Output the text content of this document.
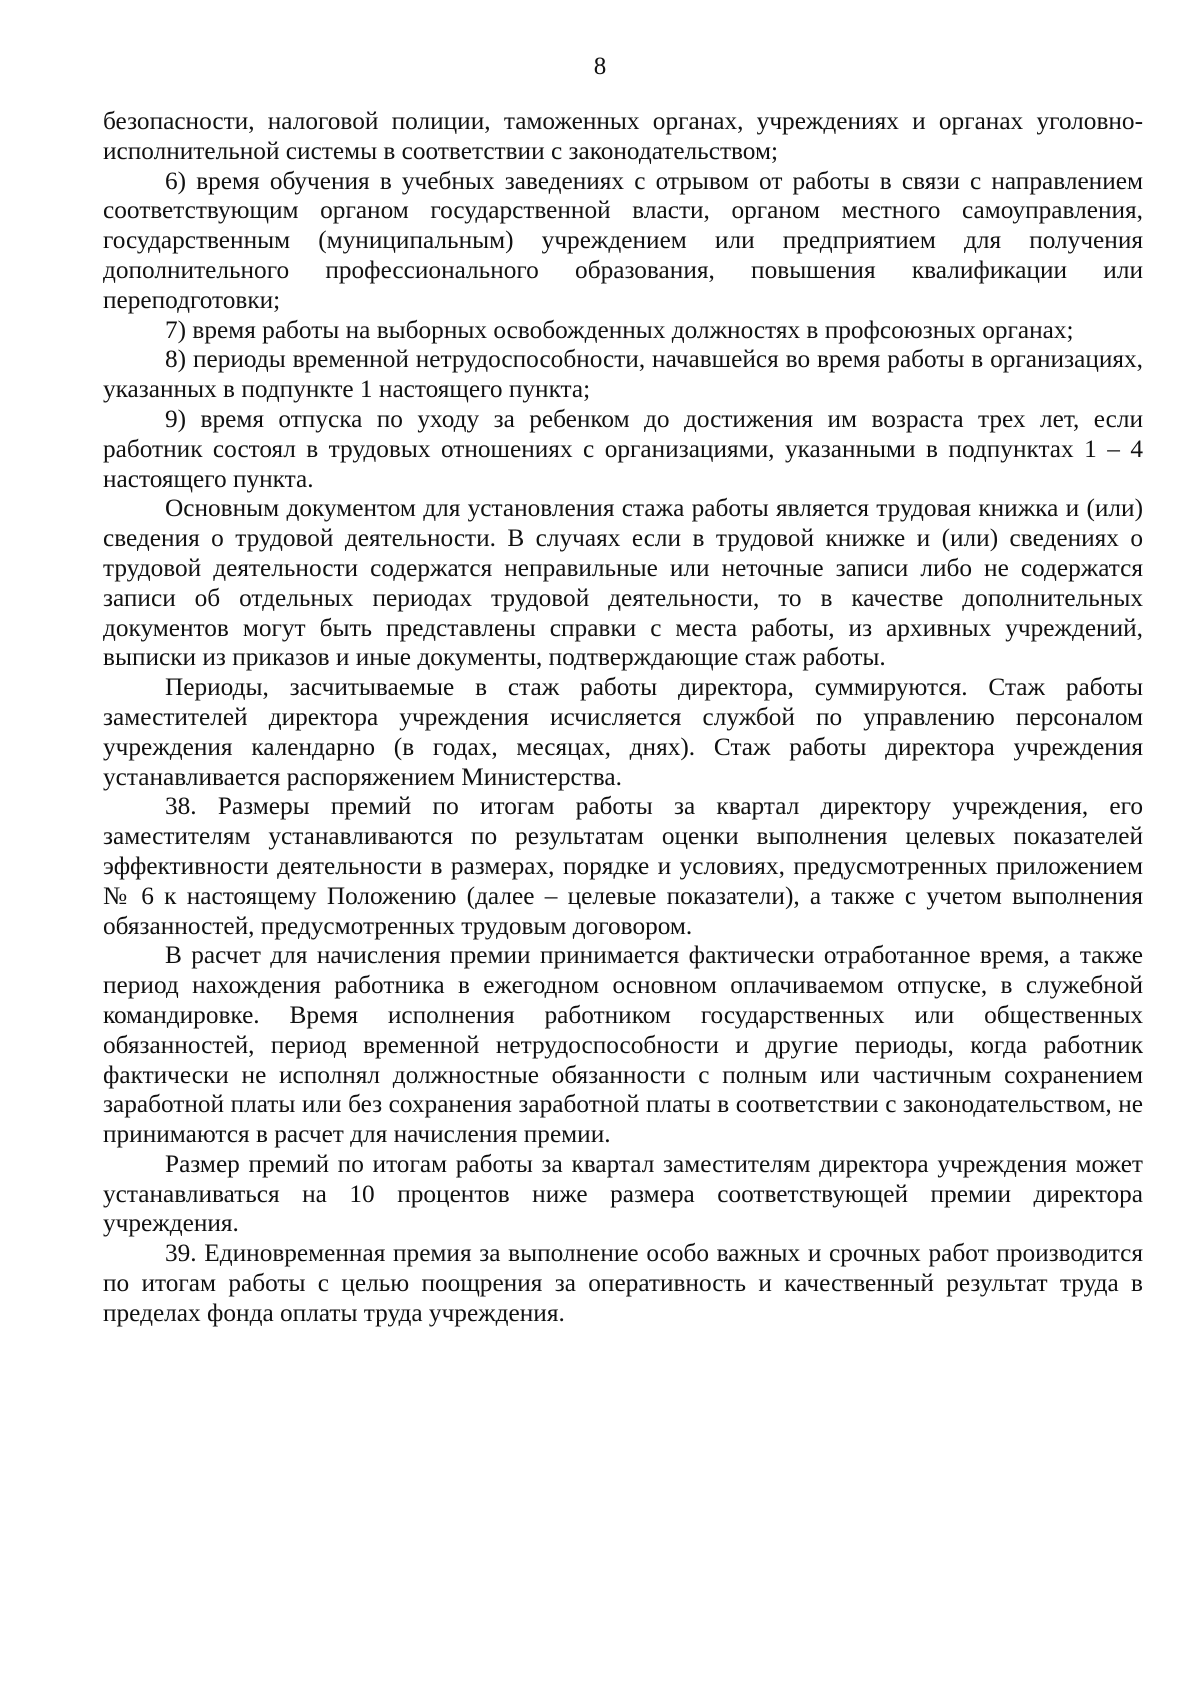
8

безопасности, налоговой полиции, таможенных органах, учреждениях и органах уголовно-исполнительной системы в соответствии с законодательством;

6) время обучения в учебных заведениях с отрывом от работы в связи с направлением соответствующим органом государственной власти, органом местного самоуправления, государственным (муниципальным) учреждением или предприятием для получения дополнительного профессионального образования, повышения квалификации или переподготовки;

7) время работы на выборных освобожденных должностях в профсоюзных органах;

8) периоды временной нетрудоспособности, начавшейся во время работы в организациях, указанных в подпункте 1 настоящего пункта;

9) время отпуска по уходу за ребенком до достижения им возраста трех лет, если работник состоял в трудовых отношениях с организациями, указанными в подпунктах 1 – 4 настоящего пункта.

Основным документом для установления стажа работы является трудовая книжка и (или) сведения о трудовой деятельности. В случаях если в трудовой книжке и (или) сведениях о трудовой деятельности содержатся неправильные или неточные записи либо не содержатся записи об отдельных периодах трудовой деятельности, то в качестве дополнительных документов могут быть представлены справки с места работы, из архивных учреждений, выписки из приказов и иные документы, подтверждающие стаж работы.

Периоды, засчитываемые в стаж работы директора, суммируются. Стаж работы заместителей директора учреждения исчисляется службой по управлению персоналом учреждения календарно (в годах, месяцах, днях). Стаж работы директора учреждения устанавливается распоряжением Министерства.

38. Размеры премий по итогам работы за квартал директору учреждения, его заместителям устанавливаются по результатам оценки выполнения целевых показателей эффективности деятельности в размерах, порядке и условиях, предусмотренных приложением № 6 к настоящему Положению (далее – целевые показатели), а также с учетом выполнения обязанностей, предусмотренных трудовым договором.

В расчет для начисления премии принимается фактически отработанное время, а также период нахождения работника в ежегодном основном оплачиваемом отпуске, в служебной командировке. Время исполнения работником государственных или общественных обязанностей, период временной нетрудоспособности и другие периоды, когда работник фактически не исполнял должностные обязанности с полным или частичным сохранением заработной платы или без сохранения заработной платы в соответствии с законодательством, не принимаются в расчет для начисления премии.

Размер премий по итогам работы за квартал заместителям директора учреждения может устанавливаться на 10 процентов ниже размера соответствующей премии директора учреждения.

39. Единовременная премия за выполнение особо важных и срочных работ производится по итогам работы с целью поощрения за оперативность и качественный результат труда в пределах фонда оплаты труда учреждения.
